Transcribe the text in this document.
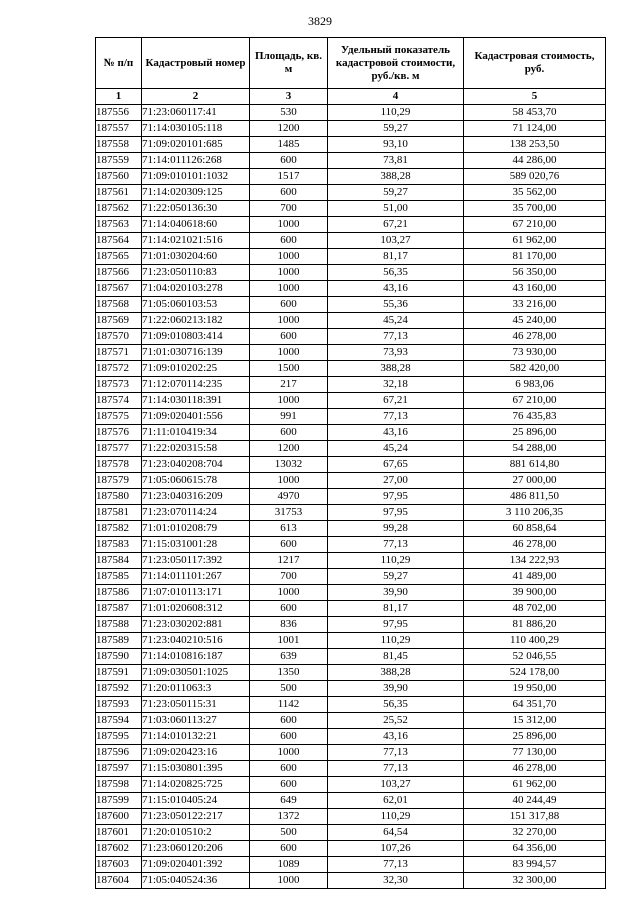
3829
№ п/п	Кадастровый номер	Площадь, кв. м	Удельный показатель кадастровой стоимости, руб./кв. м	Кадастровая стоимость, руб.
1	2	3	4	5
187556	71:23:060117:41	530	110,29	58 453,70
187557	71:14:030105:118	1200	59,27	71 124,00
187558	71:09:020101:685	1485	93,10	138 253,50
187559	71:14:011126:268	600	73,81	44 286,00
187560	71:09:010101:1032	1517	388,28	589 020,76
187561	71:14:020309:125	600	59,27	35 562,00
187562	71:22:050136:30	700	51,00	35 700,00
187563	71:14:040618:60	1000	67,21	67 210,00
187564	71:14:021021:516	600	103,27	61 962,00
187565	71:01:030204:60	1000	81,17	81 170,00
187566	71:23:050110:83	1000	56,35	56 350,00
187567	71:04:020103:278	1000	43,16	43 160,00
187568	71:05:060103:53	600	55,36	33 216,00
187569	71:22:060213:182	1000	45,24	45 240,00
187570	71:09:010803:414	600	77,13	46 278,00
187571	71:01:030716:139	1000	73,93	73 930,00
187572	71:09:010202:25	1500	388,28	582 420,00
187573	71:12:070114:235	217	32,18	6 983,06
187574	71:14:030118:391	1000	67,21	67 210,00
187575	71:09:020401:556	991	77,13	76 435,83
187576	71:11:010419:34	600	43,16	25 896,00
187577	71:22:020315:58	1200	45,24	54 288,00
187578	71:23:040208:704	13032	67,65	881 614,80
187579	71:05:060615:78	1000	27,00	27 000,00
187580	71:23:040316:209	4970	97,95	486 811,50
187581	71:23:070114:24	31753	97,95	3 110 206,35
187582	71:01:010208:79	613	99,28	60 858,64
187583	71:15:031001:28	600	77,13	46 278,00
187584	71:23:050117:392	1217	110,29	134 222,93
187585	71:14:011101:267	700	59,27	41 489,00
187586	71:07:010113:171	1000	39,90	39 900,00
187587	71:01:020608:312	600	81,17	48 702,00
187588	71:23:030202:881	836	97,95	81 886,20
187589	71:23:040210:516	1001	110,29	110 400,29
187590	71:14:010816:187	639	81,45	52 046,55
187591	71:09:030501:1025	1350	388,28	524 178,00
187592	71:20:011063:3	500	39,90	19 950,00
187593	71:23:050115:31	1142	56,35	64 351,70
187594	71:03:060113:27	600	25,52	15 312,00
187595	71:14:010132:21	600	43,16	25 896,00
187596	71:09:020423:16	1000	77,13	77 130,00
187597	71:15:030801:395	600	77,13	46 278,00
187598	71:14:020825:725	600	103,27	61 962,00
187599	71:15:010405:24	649	62,01	40 244,49
187600	71:23:050122:217	1372	110,29	151 317,88
187601	71:20:010510:2	500	64,54	32 270,00
187602	71:23:060120:206	600	107,26	64 356,00
187603	71:09:020401:392	1089	77,13	83 994,57
187604	71:05:040524:36	1000	32,30	32 300,00
